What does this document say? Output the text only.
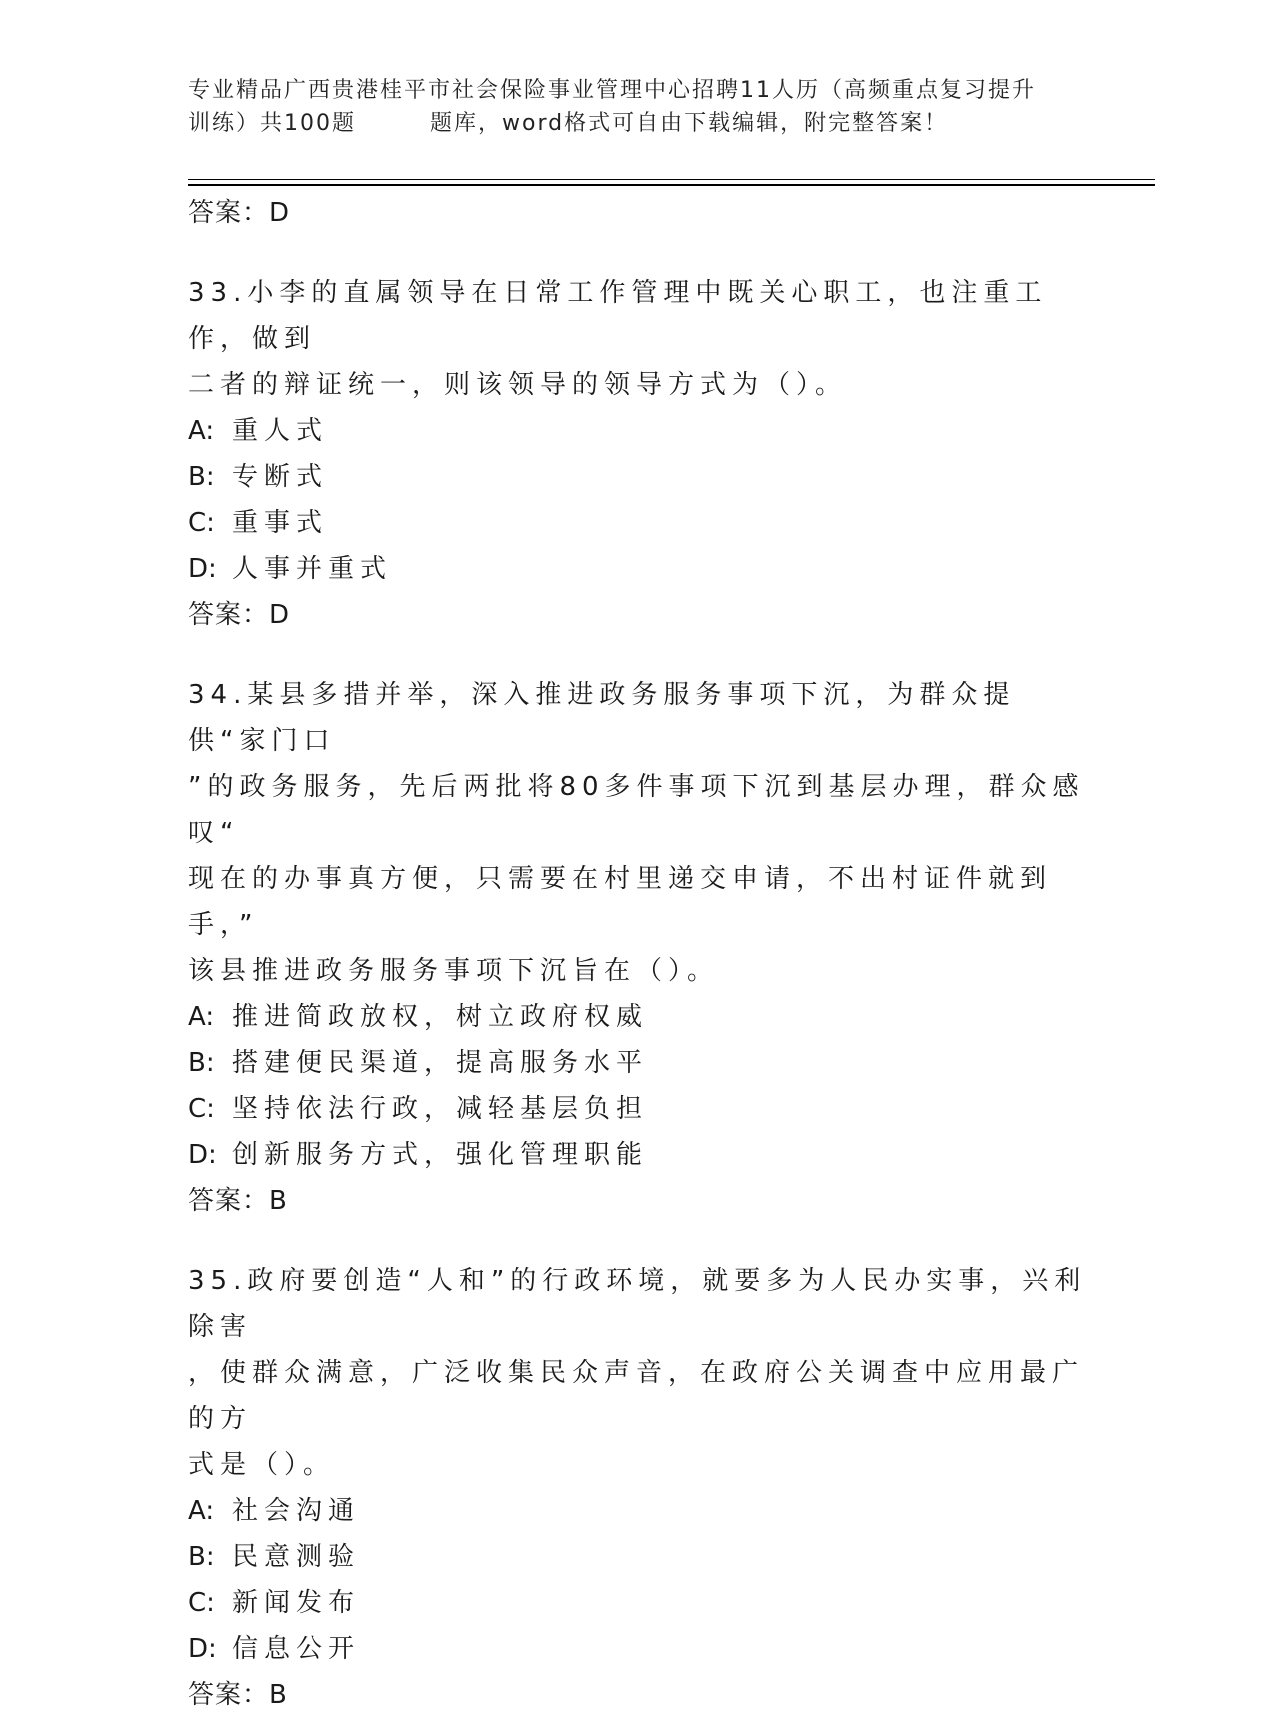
专业精品广西贵港桂平市社会保险事业管理中心招聘11人历（高频重点复习提升
训练）共100题	题库，word格式可自由下载编辑，附完整答案！
答案：D
33.小李的直属领导在日常工作管理中既关心职工，也注重工作，做到
二者的辩证统一，则该领导的领导方式为（）。
A: 重人式
B: 专断式
C: 重事式
D: 人事并重式
答案：D
34.某县多措并举，深入推进政务服务事项下沉，为群众提供“家门口
”的政务服务，先后两批将80多件事项下沉到基层办理，群众感叹“
现在的办事真方便，只需要在村里递交申请，不出村证件就到手，”
该县推进政务服务事项下沉旨在（）。
A: 推进简政放权，树立政府权威
B: 搭建便民渠道，提高服务水平
C: 坚持依法行政，减轻基层负担
D: 创新服务方式，强化管理职能
答案：B
35.政府要创造“人和”的行政环境，就要多为人民办实事，兴利除害
，使群众满意，广泛收集民众声音，在政府公关调查中应用最广的方
式是（）。
A: 社会沟通
B: 民意测验
C: 新闻发布
D: 信息公开
答案：B
